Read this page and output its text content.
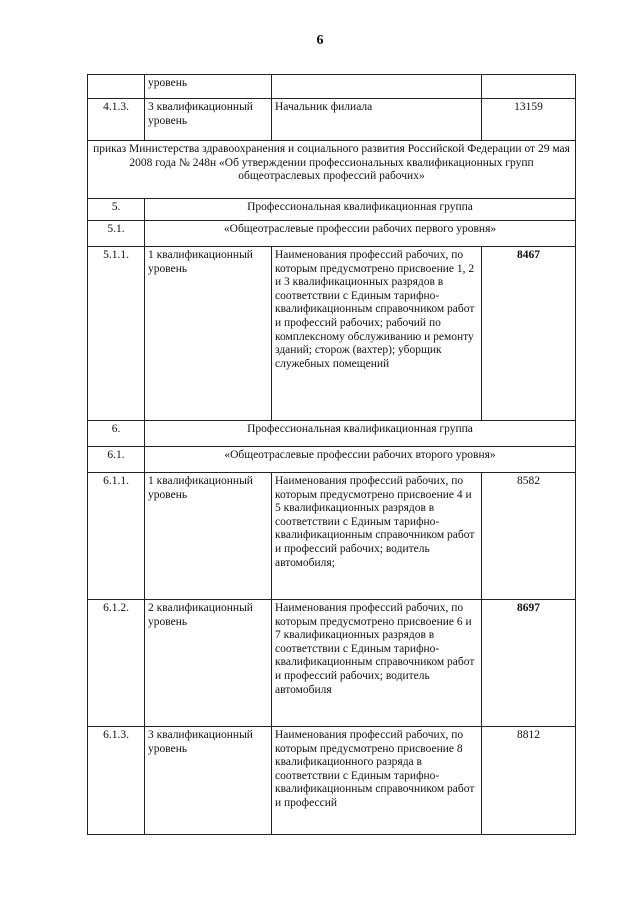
6
	уровень		
4.1.3.	3 квалификационный уровень	Начальник филиала	13159
приказ Министерства здравоохранения и социального развития Российской Федерации от 29 мая 2008 года № 248н «Об утверждении профессиональных квалификационных групп общеотраслевых профессий рабочих»			
5.	Профессиональная квалификационная группа		
5.1.	«Общеотраслевые профессии рабочих первого уровня»		
5.1.1.	1 квалификационный уровень	Наименования профессий рабочих, по которым предусмотрено присвоение 1, 2 и 3 квалификационных разрядов в соответствии с Единым тарифно-квалификационным справочником работ и профессий рабочих; рабочий по комплексному обслуживанию и ремонту зданий; сторож (вахтер); уборщик служебных помещений	8467
6.	Профессиональная квалификационная группа		
6.1.	«Общеотраслевые профессии рабочих второго уровня»		
6.1.1.	1 квалификационный уровень	Наименования профессий рабочих, по которым предусмотрено присвоение 4 и 5 квалификационных разрядов в соответствии с Единым тарифно-квалификационным справочником работ и профессий рабочих; водитель автомобиля;	8582
6.1.2.	2 квалификационный уровень	Наименования профессий рабочих, по которым предусмотрено присвоение 6 и 7 квалификационных разрядов в соответствии с Единым тарифно-квалификационным справочником работ и профессий рабочих; водитель автомобиля	8697
6.1.3.	3 квалификационный уровень	Наименования профессий рабочих, по которым предусмотрено присвоение 8 квалификационного разряда в соответствии с Единым тарифно-квалификационным справочником работ и профессий	8812
